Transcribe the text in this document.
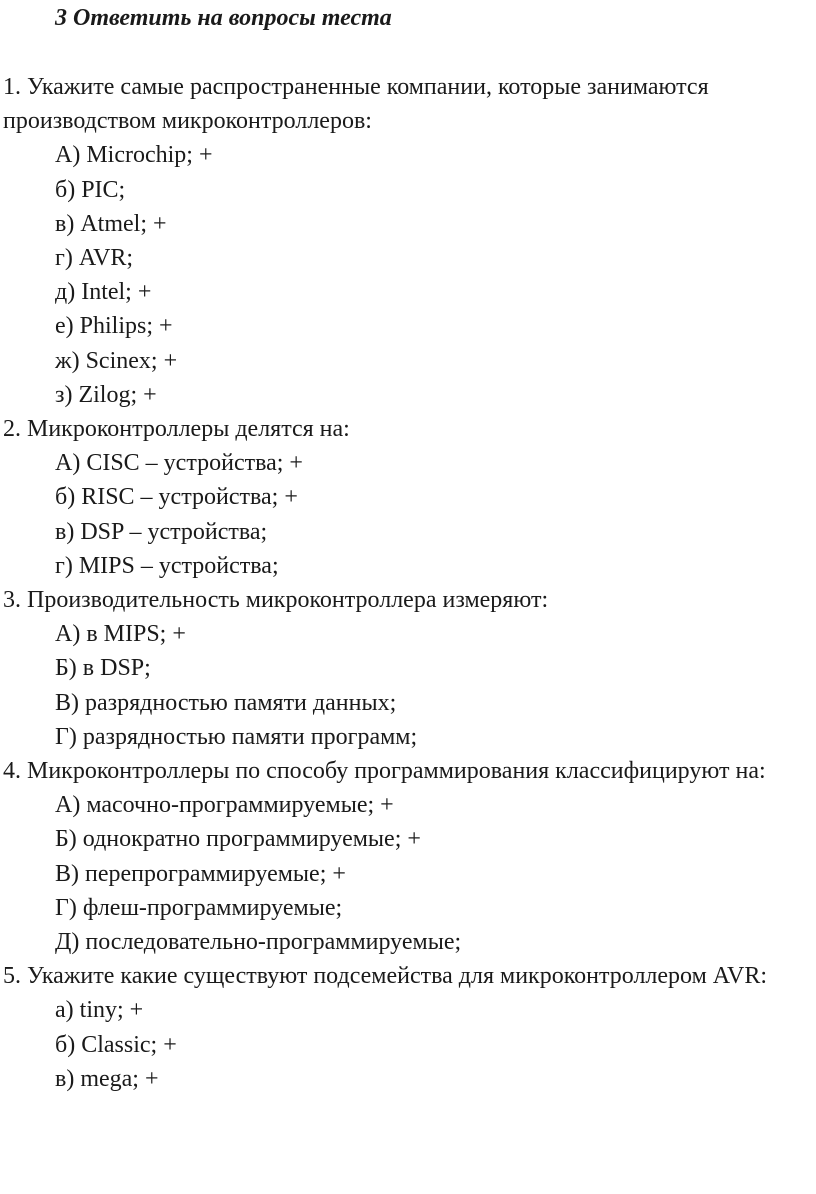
3 Ответить на вопросы теста
1. Укажите самые распространенные компании, которые занимаются производством микроконтроллеров:
А) Microchip; +
б) PIC;
в) Atmel; +
г) AVR;
д) Intel; +
е) Philips; +
ж) Scinex; +
з) Zilog; +
2. Микроконтроллеры делятся на:
А) CISC – устройства; +
б) RISC – устройства; +
в) DSP – устройства;
г) MIPS – устройства;
3. Производительность микроконтроллера измеряют:
А) в MIPS; +
Б) в DSP;
В) разрядностью памяти данных;
Г) разрядностью памяти программ;
4. Микроконтроллеры по способу программирования классифицируют на:
А) масочно-программируемые; +
Б) однократно программируемые; +
В) перепрограммируемые; +
Г) флеш-программируемые;
Д) последовательно-программируемые;
5. Укажите какие существуют подсемейства для микроконтроллером AVR:
а) tiny; +
б) Classic; +
в) mega; +
